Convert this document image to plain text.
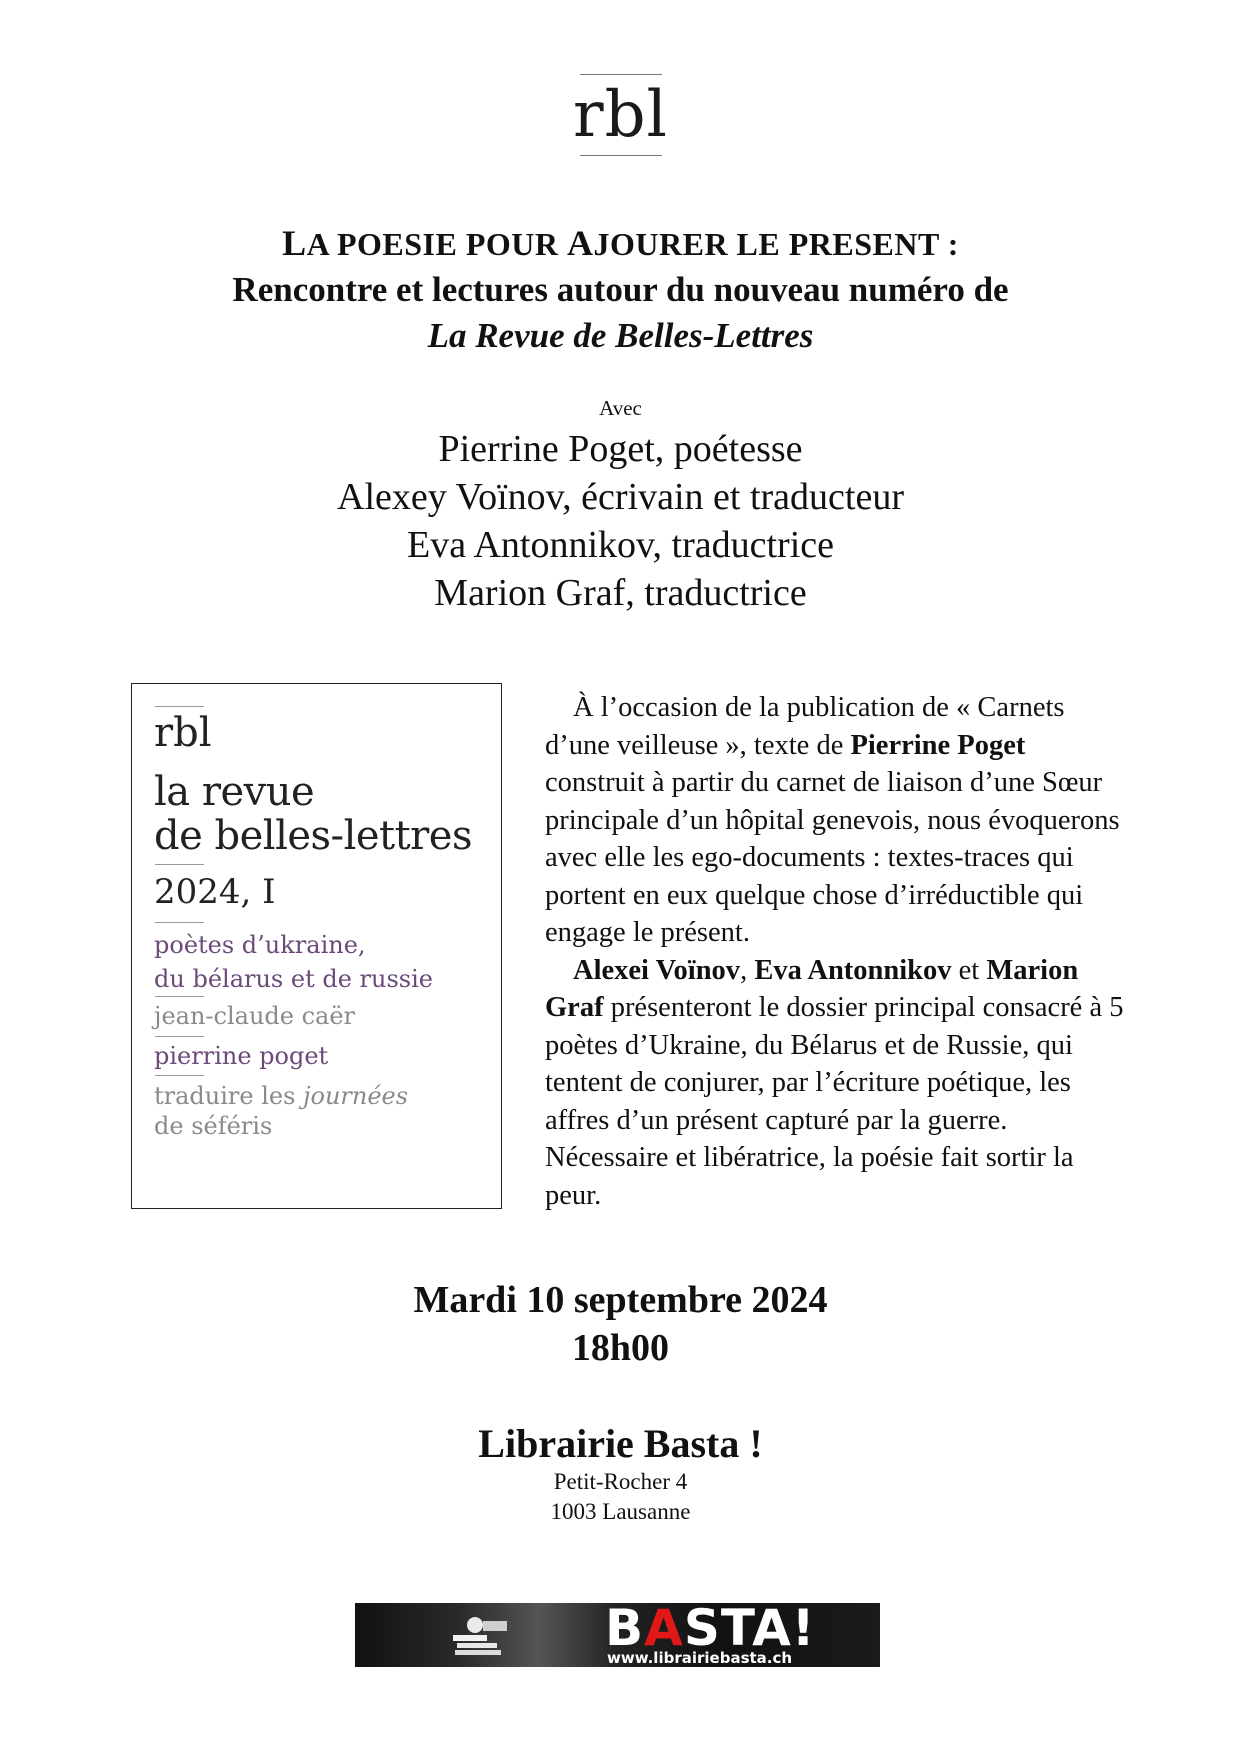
rbl
LA POESIE POUR AJOURER LE PRESENT :
Rencontre et lectures autour du nouveau numéro de
La Revue de Belles-Lettres
Avec
Pierrine Poget, poétesse
Alexey Voïnov, écrivain et traducteur
Eva Antonnikov, traductrice
Marion Graf, traductrice
rbl
la revue
de belles-lettres
2024, I
poètes d’ukraine,
du bélarus et de russie
jean-claude caër
pierrine poget
traduire les journées
de séféris

À l’occasion de la publication de « Carnets d’une veilleuse », texte de Pierrine Poget construit à partir du carnet de liaison d’une Sœur principale d’un hôpital genevois, nous évoquerons avec elle les ego-documents : textes-traces qui portent en eux quelque chose d’irréductible qui engage le présent.

Alexei Voïnov, Eva Antonnikov et Marion Graf présenteront le dossier principal consacré à 5 poètes d’Ukraine, du Bélarus et de Russie, qui tentent de conjurer, par l’écriture poétique, les affres d’un présent capturé par la guerre. Nécessaire et libératrice, la poésie fait sortir la peur.

Mardi 10 septembre 2024
18h00
Librairie Basta !
Petit-Rocher 4
1003 Lausanne
BASTA!
www.librairiebasta.ch
